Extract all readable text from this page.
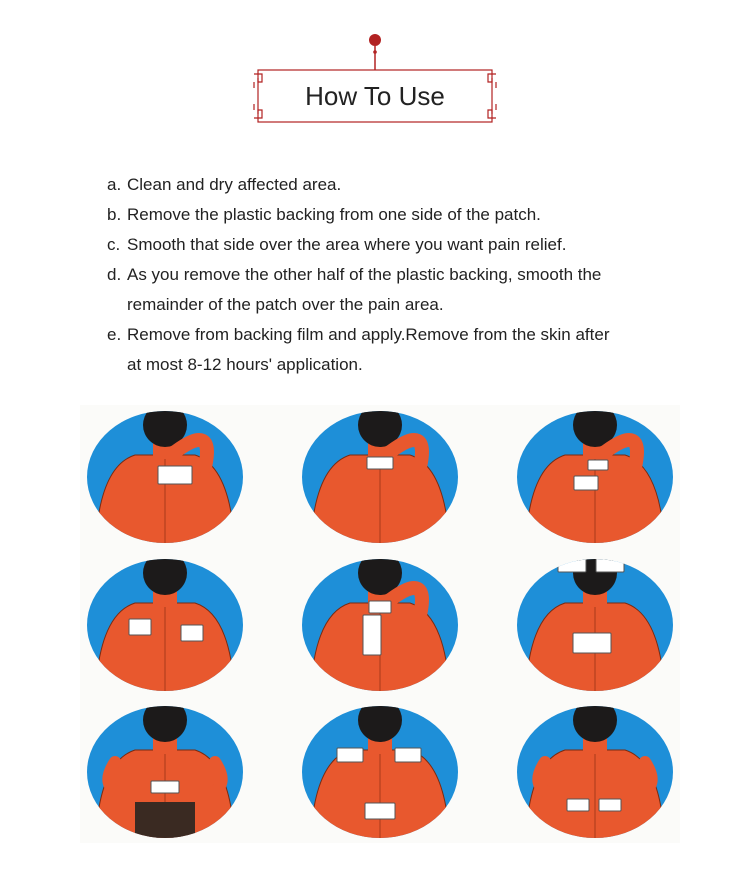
How To Use
a. Clean and dry affected area.
b. Remove the plastic backing from one side of the patch.
c. Smooth that side over the area where you want pain relief.
d. As you remove the other half of the plastic backing, smooth the
remainder of the patch over the pain area.
e. Remove from backing film and apply.Remove from the skin after
at most 8-12 hours' application.
